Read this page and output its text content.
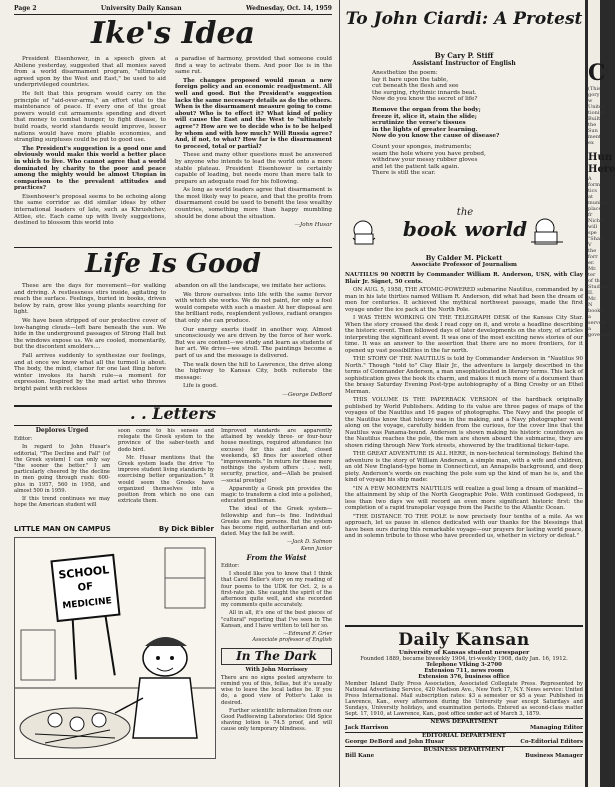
Page 2	University Daily Kansan	Wednesday, Oct. 14, 1959
Ike's Idea

President Eisenhower, in a speech given at Abilene yesterday, suggested that all monies saved from a world disarmament program, "ultimately agreed upon by the West and East," be used to aid underprivileged countries.

He felt that this program would carry on the principle of "aid-over-arms," an effort vital to the maintenance of peace. If every one of the great powers would cut armaments spending and divert that money to combat hunger, to fight disease, to build roads, world standards would improve, lesser nations would have more pliable economies, and strangling surpluses could be put to good use.

The President's suggestion is a good one and obviously would make this world a better place in which to live. Who cannot agree that a world dominated by charity to the poor and peace among the mighty would be almost Utopian in comparison to the prevalent attitudes and practices?

Eisenhower's proposal seems to be echoing along the same corridor as did similar ideas by other international leaders of late, such as Khrushchev, Attlee, etc. Each came up with lively suggestions, destined to blossom this world into

a paradise of harmony, provided that someone could find a way to activate them. And poor Ike is in the same rut.

The changes proposed would mean a new foreign policy and an economic readjustment. All well and good. But the President's suggestion lacks the same necessary details as do the others. When is the disarmament measure going to come about? Who is to effect it? What kind of policy will cause the East and the West to "ultimately agree"? How are we to decide who is to be helped by whom and with how much? Will Russia agree? And, if not, to what? How far is the disarmament to proceed, total or partial?

These and many other questions must be answered by anyone who intends to lead the world onto a more stable plateau. President Eisenhower is certainly capable of leading, but needs more than mere talk to prepare an adequate road for his following.

As long as world leaders agree that disarmament is the most likely way to peace, and that the profits from disarmament could be used to benefit the less wealthy countries, something more than happy mumbling should be done about the situation.

—John Husar
Life Is Good

These are the days for movement—for walking and driving. A restlessness stirs inside, agitating to reach the surface. Feelings, buried in books, driven below by rain, grow like young plants searching for light.

We have been stripped of our protective cover of low-hanging clouds—left bare beneath the sun. We hide in the underground passages of Strong Hall but the windows expose us. We are cooled, momentarily, but the discontent smolders....

Fall arrives suddenly to synthesize our feelings, and at once we know what all the turmoil is about. The body, the mind, clamor for one last fling before winter invokes its harsh rule—a moment for expression. Inspired by the mad artist who throws bright paint with reckless

abandon on all the landscape, we imitate her actions.

We throw ourselves into life with the same fervor with which she works. We do not paint, for only a fool would compete with such a master. At her disposal are the brilliant reds, resplendent yellows, radiant oranges that only she can produce.

Our energy exerts itself in another way. Almost unconsciously we are driven by the force of her work. But we are content—we study and learn as students of her art. We drive—we stroll. The paintings become a part of us and the message is delivered.

The walk down the hill to Lawrence, the drive along the highway to Kansas City, both reiterate the message:

Life is good.

—George DeBord
. . Letters
Deplores Urged

Editor:

In regard to John Husar's editorial, "The Decline and Fall" (of the Greek system) I can only say "the sooner the better." I am particularly cheered by the decline in men going through rush: 600-plus in 1957, 560 in 1958, and almost 500 in 1959.

If this trend continues we may hope the American student will

soon come to his senses and relegate the Greek system to the province of the saber-teeth and dodo bird.

Mr. Husar mentions that the Greek system leads the drive "to improve student living standards by exercising better organization." It would seem the Greeks have organized themselves into a position from which no one can extricate them.

Improved standards are apparently attained by weekly three- or four-hour house meetings, required attendance (no excuses) for this and that, closed weekends, $5 fines for assorted other "improvements." In return for these mere nothings the system offers . . . well, security, practice, and—Allah be praised—social prestige!

Apparently a Greek pin provides the magic to transform a clod into a polished, educated gentleman.

The ideal of the Greek system—fellowship and fun—is fine. Individual Greeks are fine persons. But the system has become rigid, authoritarian and out-dated. May the fall be swift.

—Jack D. Salmon
Kenn Junior
From the Waist

Editor:

I should like you to know that I think that Carol Beller's story on my reading of four poems to the UDK for Oct. 2, is a first-rate job. She caught the spirit of the afternoon quite well, and she recorded my comments quite accurately.

All in all, it's one of the best pieces of "cultural" reporting that I've seen in The Kansan, and I have written to tell her so.

—Edmund F. Grier
Associate professor of English
In The Dark
With John Morrissey

There are no signs posted anywhere to remind you of this, fellas, but it's usually wise to leave the local ladies be. If you do, a good view of Potter's Lake is desired.

Further scientific information from our Good Padfeewing Laboratories: Old Spice shaving lotion is 74.5 proof, and will cause only temporary blindness.

LITTLE MAN ON CAMPUS	By Dick Bibler
SCHOOL
OF
MEDICINE
To John Ciardi: A Protest
By Cary P. Stiff
Assistant Instructor of English
Anesthetize the poem:
lay it bare upon the table,
cut beneath the flesh and see
the surging, rhythmic innards beat.
Now do you know the secret of life?
Remove the organ from the body;
freeze it, slice it, stain the slide;
scrutinize the verse's tissues
in the lights of greater learning.
Now do you know the cause of disease?
Count your sponges, instruments;
seam the hole where you have probed,
withdraw your messy rubber gloves
and let the patient talk again.
There is still the scar.
the
book world
By Calder M. Pickett
Associate Professor of Journalism

NAUTILUS 90 NORTH by Commander William R. Anderson, USN, with Clay Blair Jr. Signet, 50 cents.

ON AUG. 5, 1958, THE ATOMIC-POWERED submarine Nautilus, commanded by a man in his late thirties named William R. Anderson, did what had been the dream of men for centuries. It achieved the mythical northwest passage, made the first voyage under the ice pack at the North Pole.

I WAS THEN WORKING ON THE TELEGRAPH DESK of the Kansas City Star. When the story crossed the desk I read copy on it, and wrote a headline describing the historic event. Then followed days of later developments on the story, of articles interpreting the significant event. It was one of the most exciting news stories of our time. It was an answer to the assertion that there are no more frontiers, for it opened up vast possibilities in the far north.

THE STORY OF THE NAUTILUS is told by Commander Anderson in "Nautilus 90 North." Though "told to" Clay Blair Jr., the adventure is largely described in the terms of Commander Anderson, a man unsophisticated in literary terms. This lack of sophistication gives the book its charm, and makes it much more of a document than the brassy Saturday Evening Post-type autobiography of a Bing Crosby or an Ethel Merman.

THIS VOLUME IS THE PAPERBACK VERSION of the hardback originally published by World Publishers. Adding to its value are three pages of maps of the voyages of the Nautilus and 16 pages of photographs. The Navy and the people of the Nautilus know that history was in the making, and a Navy photographer went along on the voyage, carefully hidden from the curious, for the cover line that the Nautilus was Panama-bound. Anderson is shown making his historic countdown as the Nautilus reaches the pole, the men are shown aboard the submarine, they are shown riding through New York streets, showered by the traditional ticker-tape.

THE GREAT ADVENTURE IS ALL HERE, in non-technical terminology. Behind the adventure is the story of William Anderson, a simple man, with a wife and children, an old New England-type home in Connecticut, an Annapolis background, and deep piety. Anderson's words on reaching the pole sum up the kind of man he is, and the kind of voyage his ship made:

"IN A FEW MOMENTS NAUTILUS will realize a goal long a dream of mankind—the attainment by ship of the North Geographic Pole. With continued Godspeed, in less than two days we will record an even more significant historic first: the completion of a rapid transpolar voyage from the Pacific to the Atlantic Ocean.

"THE DISTANCE TO THE POLE is now precisely four tenths of a mile. As we approach, let us pause in silence dedicated with our thanks for the blessings that have been ours during this remarkable voyage—our prayers for lasting world peace, and in solemn tribute to those who have preceded us, whether in victory or defeat."

Daily Kansan
University of Kansas student newspaper
Founded 1889, became biweekly 1904, tri-weekly 1908, daily Jan. 16, 1912.
Telephone VIking 3-2700
Extension 711, news room
Extension 376, business office
Member Inland Daily Press Association, Associated Collegiate Press. Represented by National Advertising Service, 420 Madison Ave., New York 17, N.Y. News service: United Press International. Mail subscription rates: $3 a semester or $5 a year. Published in Lawrence, Kan., every afternoon during the University year except Saturdays and Sundays, University holidays, and examination periods. Entered as second-class matter Sept. 17, 1910, at Lawrence, Kan., post office under act of March 3, 1879.
NEWS DEPARTMENT
Jack Harrison	Managing Editor
EDITORIAL DEPARTMENT
George DeBord and John Husar	Co-Editorial Editors
BUSINESS DEPARTMENT
Bill Kane	Business Manager
C
(This
gory w
United
tioning
Built
the Sun
ment ex
Hun
Here
A form
tics at
munism
place fr
Nichol
will spe
"Shall V
the forr
er. Mr.
ter of th
Studies
II.
Mr. N
books a
served a
governm
